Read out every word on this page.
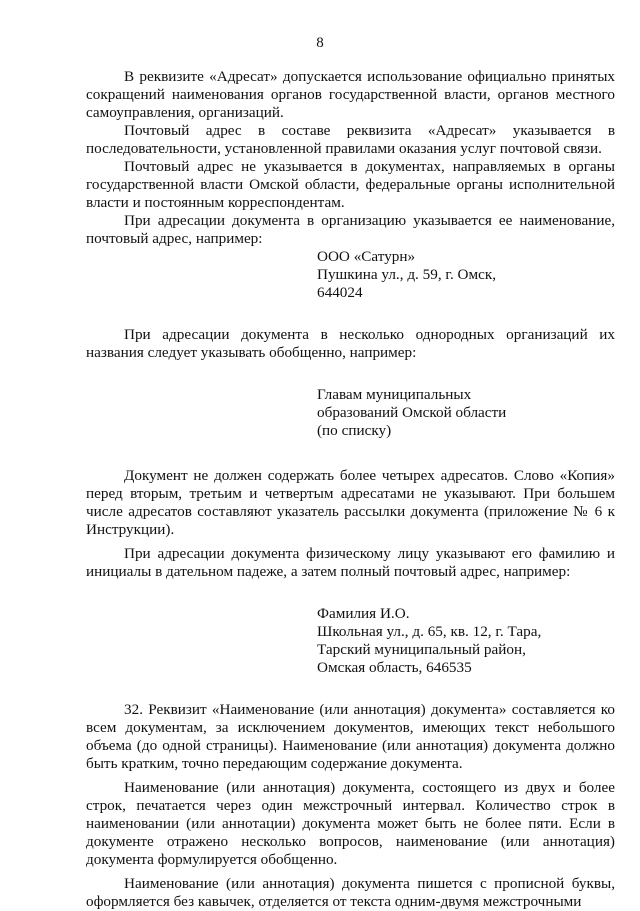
8

В реквизите «Адресат» допускается использование официально принятых сокращений наименования органов государственной власти, органов местного самоуправления, организаций.

Почтовый адрес в составе реквизита «Адресат» указывается в последовательности, установленной правилами оказания услуг почтовой связи.

Почтовый адрес не указывается в документах, направляемых в органы государственной власти Омской области, федеральные органы исполнительной власти и постоянным корреспондентам.

При адресации документа в организацию указывается ее наименование, почтовый адрес, например:

ООО «Сатурн»
Пушкина ул., д. 59, г. Омск,
644024

При адресации документа в несколько однородных организаций их названия следует указывать обобщенно, например:

Главам муниципальных
образований Омской области
(по списку)

Документ не должен содержать более четырех адресатов. Слово «Копия» перед вторым, третьим и четвертым адресатами не указывают. При большем числе адресатов составляют указатель рассылки документа (приложение № 6 к Инструкции).

При адресации документа физическому лицу указывают его фамилию и инициалы в дательном падеже, а затем полный почтовый адрес, например:

Фамилия И.О.
Школьная ул., д. 65, кв. 12, г. Тара,
Тарский муниципальный район,
Омская область, 646535

32. Реквизит «Наименование (или аннотация) документа» составляется ко всем документам, за исключением документов, имеющих текст небольшого объема (до одной страницы). Наименование (или аннотация) документа должно быть кратким, точно передающим содержание документа.

Наименование (или аннотация) документа, состоящего из двух и более строк, печатается через один межстрочный интервал. Количество строк в наименовании (или аннотации) документа может быть не более пяти. Если в документе отражено несколько вопросов, наименование (или аннотация) документа формулируется обобщенно.

Наименование (или аннотация) документа пишется с прописной буквы, оформляется без кавычек, отделяется от текста одним-двумя межстрочными
